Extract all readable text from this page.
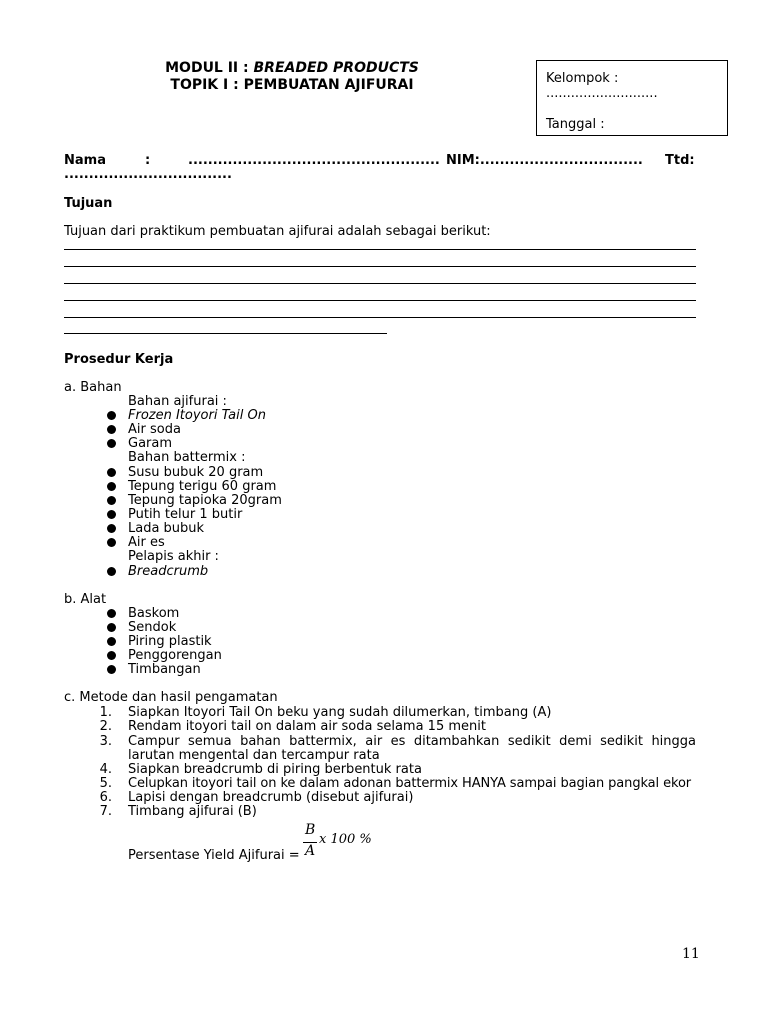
MODUL II : BREADED PRODUCTS
TOPIK I : PEMBUATAN AJIFURAI	Kelompok :
...........................
Tanggal :
Nama	:	................................................... NIM:................................. Ttd:
..................................
Tujuan
Tujuan dari praktikum pembuatan ajifurai adalah sebagai berikut:
Prosedur Kerja
a. Bahan
Bahan ajifurai :
Frozen Itoyori Tail On
Air soda
Garam
Bahan battermix :
Susu bubuk 20 gram
Tepung terigu 60 gram
Tepung tapioka 20gram
Putih telur 1 butir
Lada bubuk
Air es
Pelapis akhir :
Breadcrumb
b. Alat
Baskom
Sendok
Piring plastik
Penggorengan
Timbangan
c. Metode dan hasil pengamatan
1. Siapkan Itoyori Tail On beku yang sudah dilumerkan, timbang (A)
2. Rendam itoyori tail on dalam air soda selama 15 menit
3. Campur semua bahan battermix, air es ditambahkan sedikit demi sedikit hingga larutan mengental dan tercampur rata
4. Siapkan breadcrumb di piring berbentuk rata
5. Celupkan itoyori tail on ke dalam adonan battermix HANYA sampai bagian pangkal ekor
6. Lapisi dengan breadcrumb (disebut ajifurai)
7. Timbang ajifurai (B)
Persentase Yield Ajifurai =
B
A
x 100 %
11
